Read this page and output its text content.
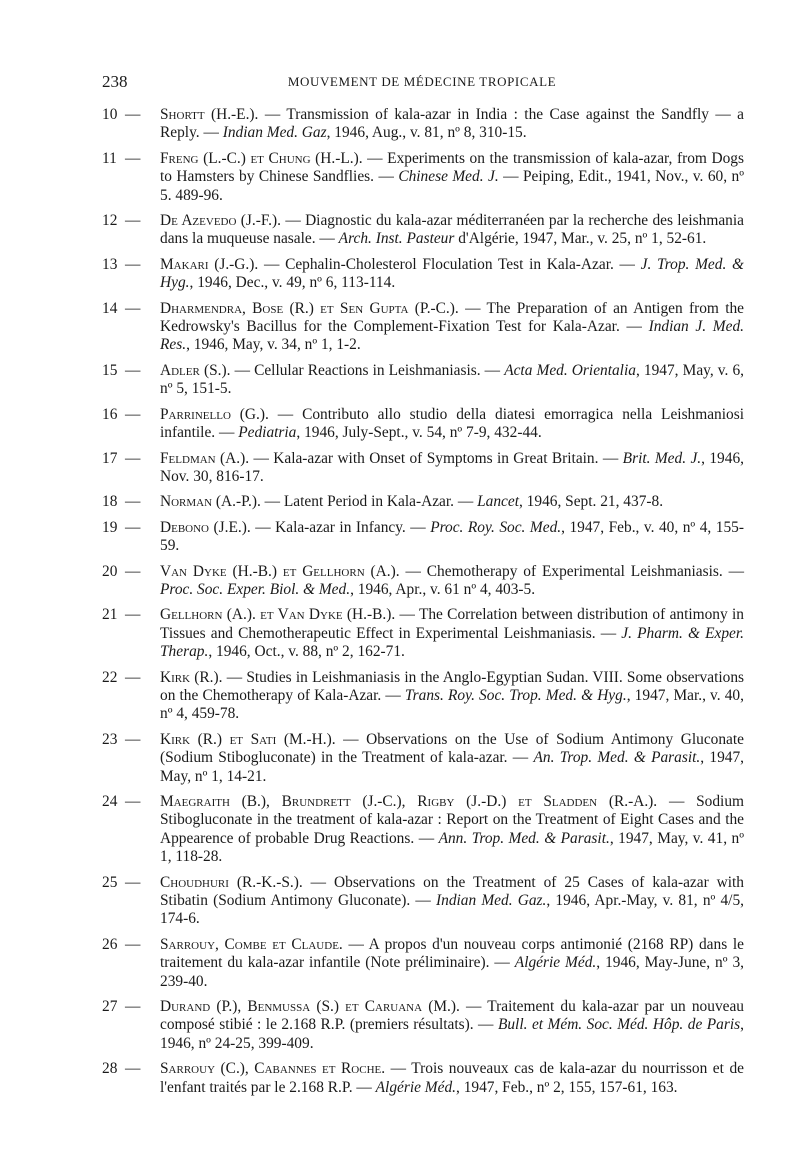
238	MOUVEMENT DE MÉDECINE TROPICALE
10 — Shortt (H.-E.). — Transmission of kala-azar in India : the Case against the Sandfly — a Reply. — Indian Med. Gaz, 1946, Aug., v. 81, nº 8, 310-15.
11 — Freng (L.-C.) et Chung (H.-L.). — Experiments on the transmission of kala-azar, from Dogs to Hamsters by Chinese Sandflies. — Chinese Med. J. — Peiping, Edit., 1941, Nov., v. 60, nº 5. 489-96.
12 — De Azevedo (J.-F.). — Diagnostic du kala-azar méditerranéen par la recherche des leishmania dans la muqueuse nasale. — Arch. Inst. Pasteur d'Algérie, 1947, Mar., v. 25, nº 1, 52-61.
13 — Makari (J.-G.). — Cephalin-Cholesterol Floculation Test in Kala-Azar. — J. Trop. Med. & Hyg., 1946, Dec., v. 49, nº 6, 113-114.
14 — Dharmendra, Bose (R.) et Sen Gupta (P.-C.). — The Preparation of an Antigen from the Kedrowsky's Bacillus for the Complement-Fixation Test for Kala-Azar. — Indian J. Med. Res., 1946, May, v. 34, nº 1, 1-2.
15 — Adler (S.). — Cellular Reactions in Leishmaniasis. — Acta Med. Orientalia, 1947, May, v. 6, nº 5, 151-5.
16 — Parrinello (G.). — Contributo allo studio della diatesi emorragica nella Leishmaniosi infantile. — Pediatria, 1946, July-Sept., v. 54, nº 7-9, 432-44.
17 — Feldman (A.). — Kala-azar with Onset of Symptoms in Great Britain. — Brit. Med. J., 1946, Nov. 30, 816-17.
18 — Norman (A.-P.). — Latent Period in Kala-Azar. — Lancet, 1946, Sept. 21, 437-8.
19 — Debono (J.E.). — Kala-azar in Infancy. — Proc. Roy. Soc. Med., 1947, Feb., v. 40, nº 4, 155-59.
20 — Van Dyke (H.-B.) et Gellhorn (A.). — Chemotherapy of Experimental Leishmaniasis. — Proc. Soc. Exper. Biol. & Med., 1946, Apr., v. 61 nº 4, 403-5.
21 — Gellhorn (A.). et Van Dyke (H.-B.). — The Correlation between distribution of antimony in Tissues and Chemotherapeutic Effect in Experimental Leishmaniasis. — J. Pharm. & Exper. Therap., 1946, Oct., v. 88, nº 2, 162-71.
22 — Kirk (R.). — Studies in Leishmaniasis in the Anglo-Egyptian Sudan. VIII. Some observations on the Chemotherapy of Kala-Azar. — Trans. Roy. Soc. Trop. Med. & Hyg., 1947, Mar., v. 40, nº 4, 459-78.
23 — Kirk (R.) et Sati (M.-H.). — Observations on the Use of Sodium Antimony Gluconate (Sodium Stibogluconate) in the Treatment of kala-azar. — An. Trop. Med. & Parasit., 1947, May, nº 1, 14-21.
24 — Maegraith (B.), Brundrett (J.-C.), Rigby (J.-D.) et Sladden (R.-A.). — Sodium Stibogluconate in the treatment of kala-azar : Report on the Treatment of Eight Cases and the Appearence of probable Drug Reactions. — Ann. Trop. Med. & Parasit., 1947, May, v. 41, nº 1, 118-28.
25 — Choudhuri (R.-K.-S.). — Observations on the Treatment of 25 Cases of kala-azar with Stibatin (Sodium Antimony Gluconate). — Indian Med. Gaz., 1946, Apr.-May, v. 81, nº 4/5, 174-6.
26 — Sarrouy, Combe et Claude. — A propos d'un nouveau corps antimonié (2168 RP) dans le traitement du kala-azar infantile (Note préliminaire). — Algérie Méd., 1946, May-June, nº 3, 239-40.
27 — Durand (P.), Benmussa (S.) et Caruana (M.). — Traitement du kala-azar par un nouveau composé stibié : le 2.168 R.P. (premiers résultats). — Bull. et Mém. Soc. Méd. Hôp. de Paris, 1946, nº 24-25, 399-409.
28 — Sarrouy (C.), Cabannes et Roche. — Trois nouveaux cas de kala-azar du nourrisson et de l'enfant traités par le 2.168 R.P. — Algérie Méd., 1947, Feb., nº 2, 155, 157-61, 163.
